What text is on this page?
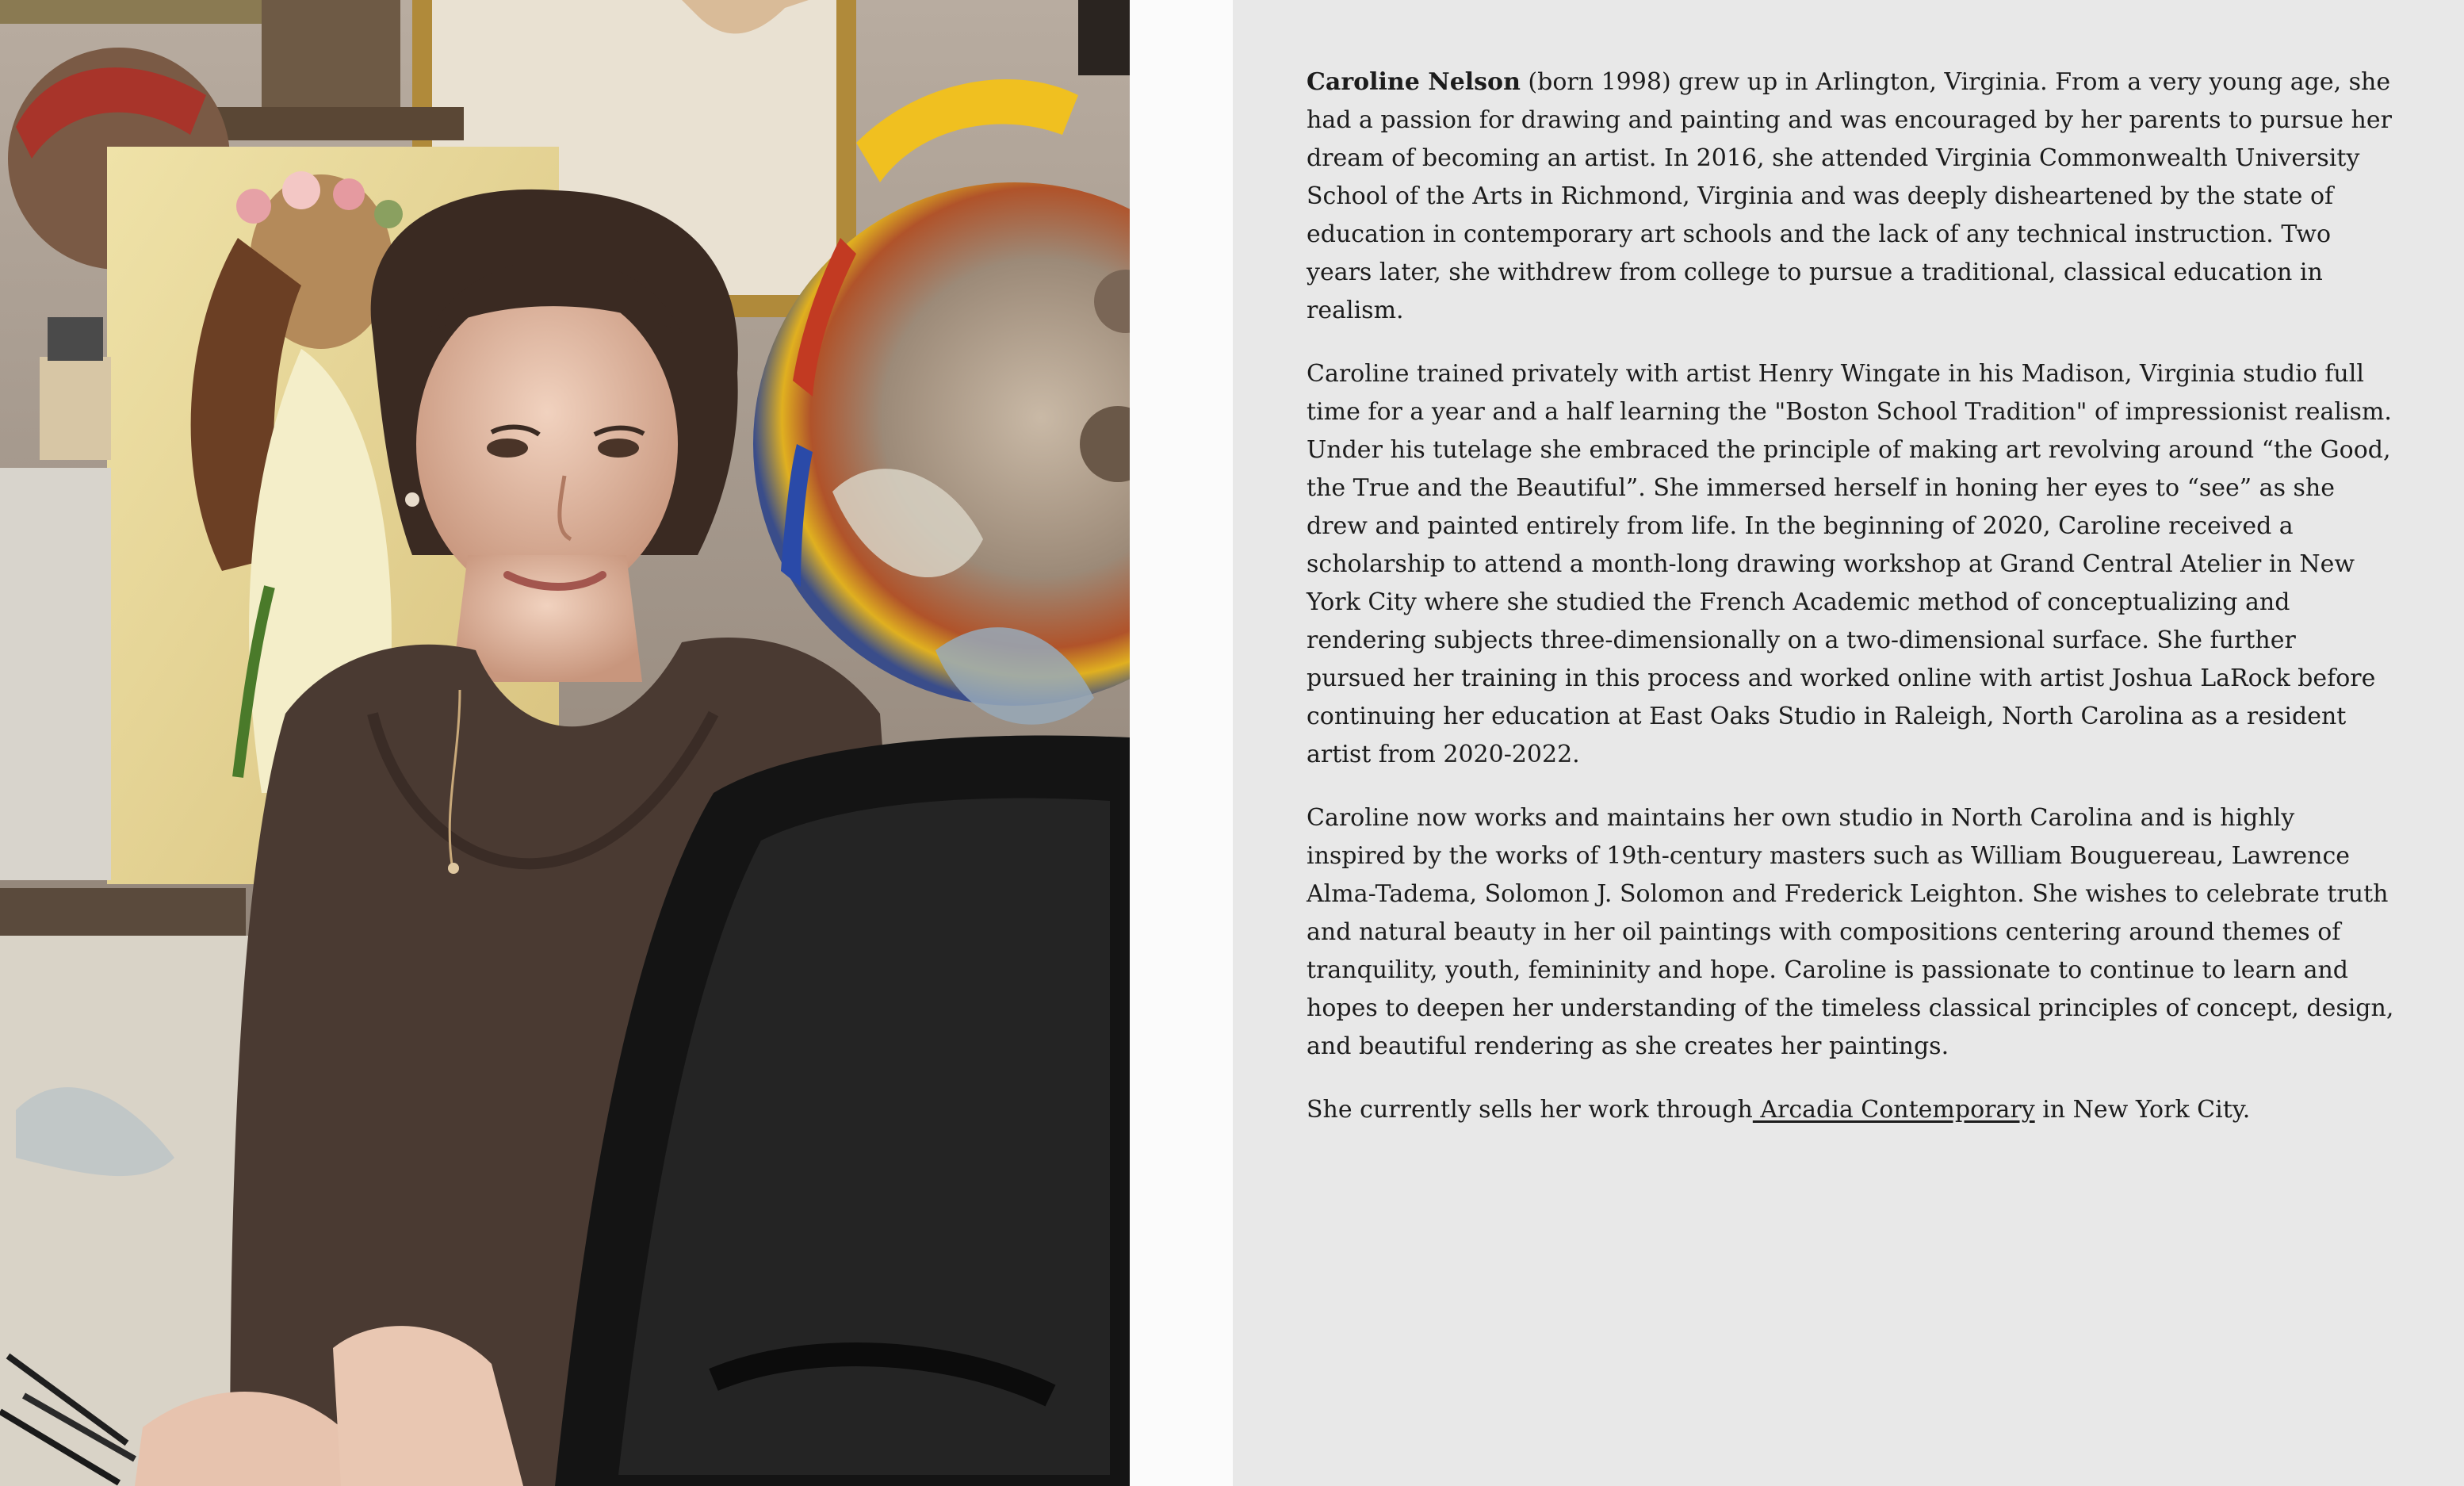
Caroline Nelson (born 1998) grew up in Arlington, Virginia. From a very young age, she had a passion for drawing and painting and was encouraged by her parents to pursue her dream of becoming an artist. In 2016, she attended Virginia Commonwealth University School of the Arts in Richmond, Virginia and was deeply disheartened by the state of education in contemporary art schools and the lack of any technical instruction. Two years later, she withdrew from college to pursue a traditional, classical education in realism.

Caroline trained privately with artist Henry Wingate in his Madison, Virginia studio full time for a year and a half learning the "Boston School Tradition" of impressionist realism. Under his tutelage she embraced the principle of making art revolving around “the Good, the True and the Beautiful”. She immersed herself in honing her eyes to “see” as she drew and painted entirely from life. In the beginning of 2020, Caroline received a scholarship to attend a month-long drawing workshop at Grand Central Atelier in New York City where she studied the French Academic method of conceptualizing and rendering subjects three-dimensionally on a two-dimensional surface. She further pursued her training in this process and worked online with artist Joshua LaRock before continuing her education at East Oaks Studio in Raleigh, North Carolina as a resident artist from 2020-2022.

Caroline now works and maintains her own studio in North Carolina and is highly inspired by the works of 19th-century masters such as William Bouguereau, Lawrence Alma-Tadema, Solomon J. Solomon and Frederick Leighton. She wishes to celebrate truth and natural beauty in her oil paintings with compositions centering around themes of tranquility, youth, femininity and hope. Caroline is passionate to continue to learn and hopes to deepen her understanding of the timeless classical principles of concept, design, and beautiful rendering as she creates her paintings.

She currently sells her work through Arcadia Contemporary in New York City.
